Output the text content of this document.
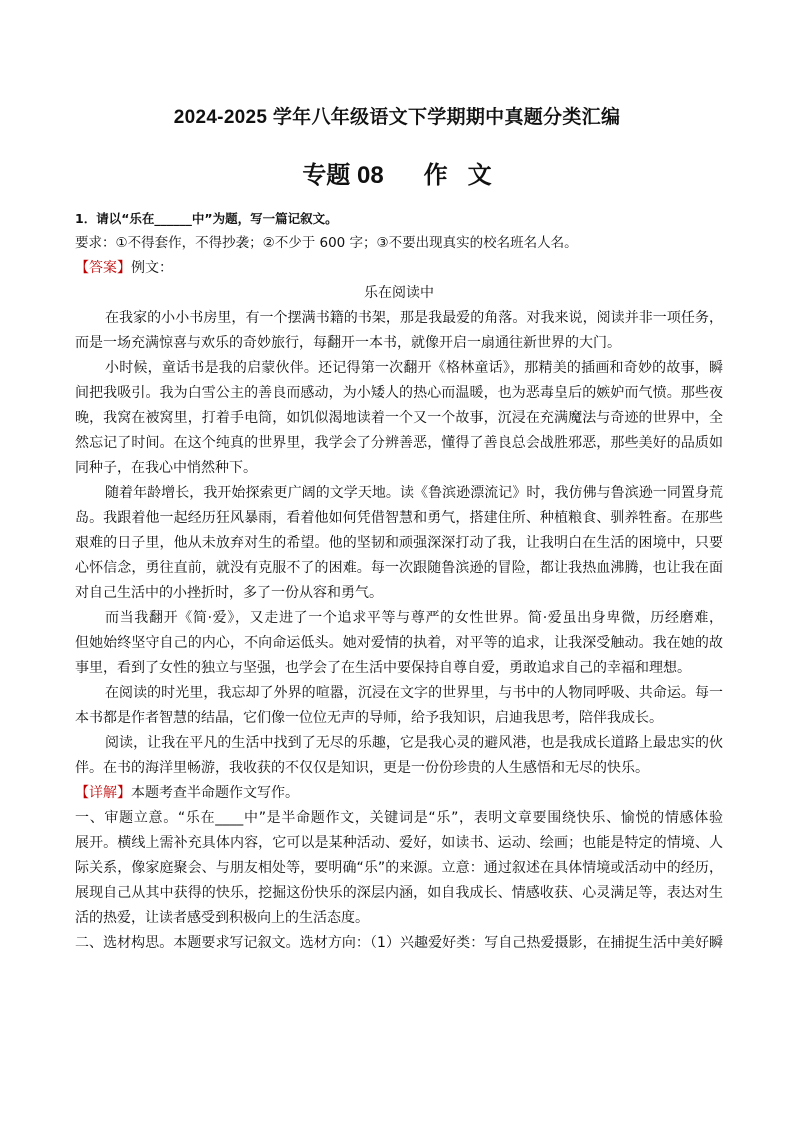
2024-2025 学年八年级语文下学期期中真题分类汇编
专题 08      作   文
1．请以“乐在______中”为题，写一篇记叙文。
要求：①不得套作，不得抄袭；②不少于 600 字；③不要出现真实的校名班名人名。
【答案】例文：
乐在阅读中
在我家的小小书房里，有一个摆满书籍的书架，那是我最爱的角落。对我来说，阅读并非一项任务，
而是一场充满惊喜与欢乐的奇妙旅行，每翻开一本书，就像开启一扇通往新世界的大门。
小时候，童话书是我的启蒙伙伴。还记得第一次翻开《格林童话》，那精美的插画和奇妙的故事，瞬
间把我吸引。我为白雪公主的善良而感动，为小矮人的热心而温暖，也为恶毒皇后的嫉妒而气愤。那些夜
晚，我窝在被窝里，打着手电筒，如饥似渴地读着一个又一个故事，沉浸在充满魔法与奇迹的世界中，全
然忘记了时间。在这个纯真的世界里，我学会了分辨善恶，懂得了善良总会战胜邪恶，那些美好的品质如
同种子，在我心中悄然种下。
随着年龄增长，我开始探索更广阔的文学天地。读《鲁滨逊漂流记》时，我仿佛与鲁滨逊一同置身荒
岛。我跟着他一起经历狂风暴雨，看着他如何凭借智慧和勇气，搭建住所、种植粮食、驯养牲畜。在那些
艰难的日子里，他从未放弃对生的希望。他的坚韧和顽强深深打动了我，让我明白在生活的困境中，只要
心怀信念，勇往直前，就没有克服不了的困难。每一次跟随鲁滨逊的冒险，都让我热血沸腾，也让我在面
对自己生活中的小挫折时，多了一份从容和勇气。
而当我翻开《简·爱》，又走进了一个追求平等与尊严的女性世界。简·爱虽出身卑微，历经磨难，
但她始终坚守自己的内心，不向命运低头。她对爱情的执着，对平等的追求，让我深受触动。我在她的故
事里，看到了女性的独立与坚强，也学会了在生活中要保持自尊自爱，勇敢追求自己的幸福和理想。
在阅读的时光里，我忘却了外界的喧嚣，沉浸在文字的世界里，与书中的人物同呼吸、共命运。每一
本书都是作者智慧的结晶，它们像一位位无声的导师，给予我知识，启迪我思考，陪伴我成长。
阅读，让我在平凡的生活中找到了无尽的乐趣，它是我心灵的避风港，也是我成长道路上最忠实的伙
伴。在书的海洋里畅游，我收获的不仅仅是知识，更是一份份珍贵的人生感悟和无尽的快乐。
【详解】本题考查半命题作文写作。
一、审题立意。“乐在____中”是半命题作文，关键词是“乐”，表明文章要围绕快乐、愉悦的情感体验
展开。横线上需补充具体内容，它可以是某种活动、爱好，如读书、运动、绘画；也能是特定的情境、人
际关系，像家庭聚会、与朋友相处等，要明确“乐”的来源。立意：通过叙述在具体情境或活动中的经历，
展现自己从其中获得的快乐，挖掘这份快乐的深层内涵，如自我成长、情感收获、心灵满足等，表达对生
活的热爱，让读者感受到积极向上的生活态度。
二、选材构思。本题要求写记叙文。选材方向：（1）兴趣爱好类：写自己热爱摄影，在捕捉生活中美好瞬
